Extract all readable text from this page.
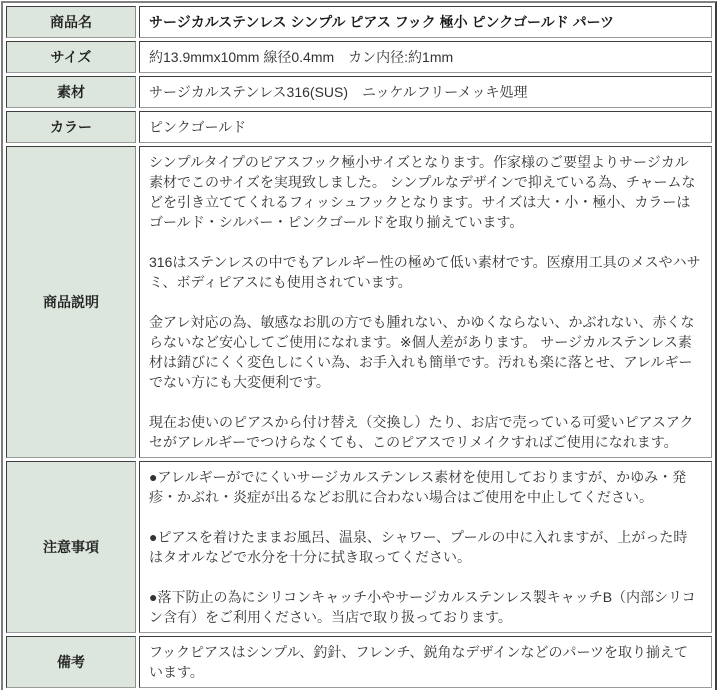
商品名	サージカルステンレス シンプル ピアス フック 極小 ピンクゴールド パーツ

サイズ	約13.9mmx10mm 線径0.4mm　カン内径:約1mm

素材	サージカルステンレス316(SUS)　ニッケルフリーメッキ処理

カラー	ピンクゴールド

商品説明	シンプルタイプのピアスフック極小サイズとなります。作家様のご要望よりサージカル素材でこのサイズを実現致しました。 シンプルなデザインで抑えている為、チャームなどを引き立ててくれるフィッシュフックとなります。サイズは大・小・極小、カラーはゴールド・シルバー・ピンクゴールドを取り揃えています。

316はステンレスの中でもアレルギー性の極めて低い素材です。医療用工具のメスやハサミ、ボディピアスにも使用されています。

金アレ対応の為、敏感なお肌の方でも腫れない、かゆくならない、かぶれない、赤くならないなど安心してご使用になれます。※個人差があります。 サージカルステンレス素材は錆びにくく変色しにくい為、お手入れも簡単です。汚れも楽に落とせ、アレルギーでない方にも大変便利です。

現在お使いのピアスから付け替え（交換し）たり、お店で売っている可愛いピアスアクセがアレルギーでつけらなくても、このピアスでリメイクすればご使用になれます。

注意事項	●アレルギーがでにくいサージカルステンレス素材を使用しておりますが、かゆみ・発疹・かぶれ・炎症が出るなどお肌に合わない場合はご使用を中止してください。

●ピアスを着けたままお風呂、温泉、シャワー、プールの中に入れますが、上がった時はタオルなどで水分を十分に拭き取ってください。

●落下防止の為にシリコンキャッチ小やサージカルステンレス製キャッチB（内部シリコン含有）をご利用ください。当店で取り扱っております。

備考	フックピアスはシンプル、釣針、フレンチ、鋭角なデザインなどのパーツを取り揃えています。
